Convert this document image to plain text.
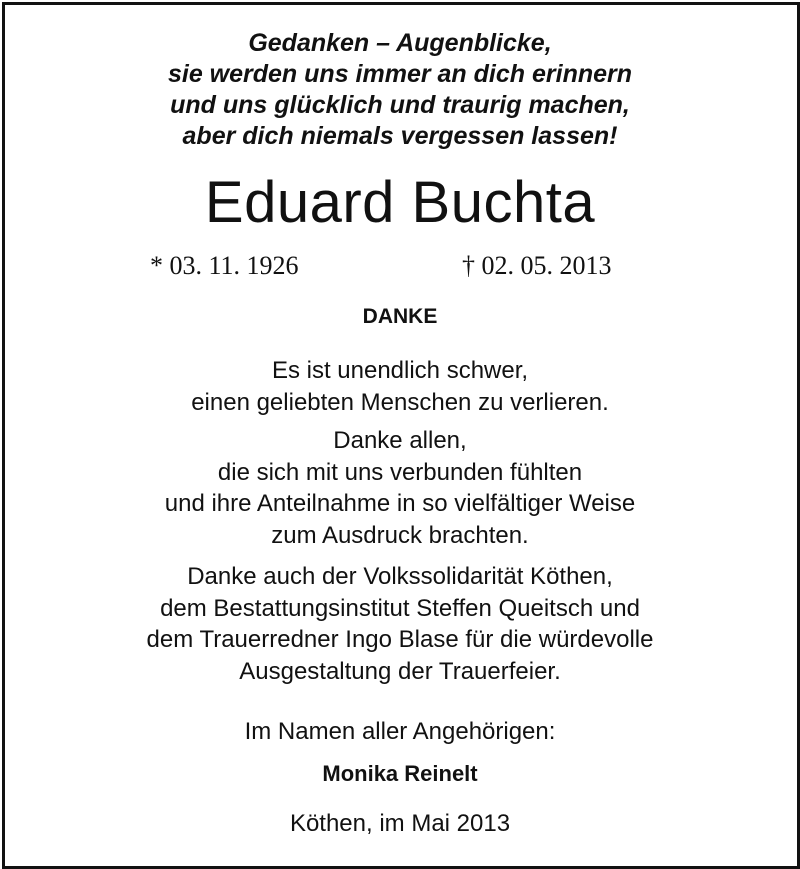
Gedanken – Augenblicke,
sie werden uns immer an dich erinnern
und uns glücklich und traurig machen,
aber dich niemals vergessen lassen!
Eduard Buchta
* 03. 11. 1926	† 02. 05. 2013
DANKE
Es ist unendlich schwer,
einen geliebten Menschen zu verlieren.
Danke allen,
die sich mit uns verbunden fühlten
und ihre Anteilnahme in so vielfältiger Weise
zum Ausdruck brachten.
Danke auch der Volkssolidarität Köthen,
dem Bestattungsinstitut Steffen Queitsch und
dem Trauerredner Ingo Blase für die würdevolle
Ausgestaltung der Trauerfeier.
Im Namen aller Angehörigen:
Monika Reinelt
Köthen, im Mai 2013
